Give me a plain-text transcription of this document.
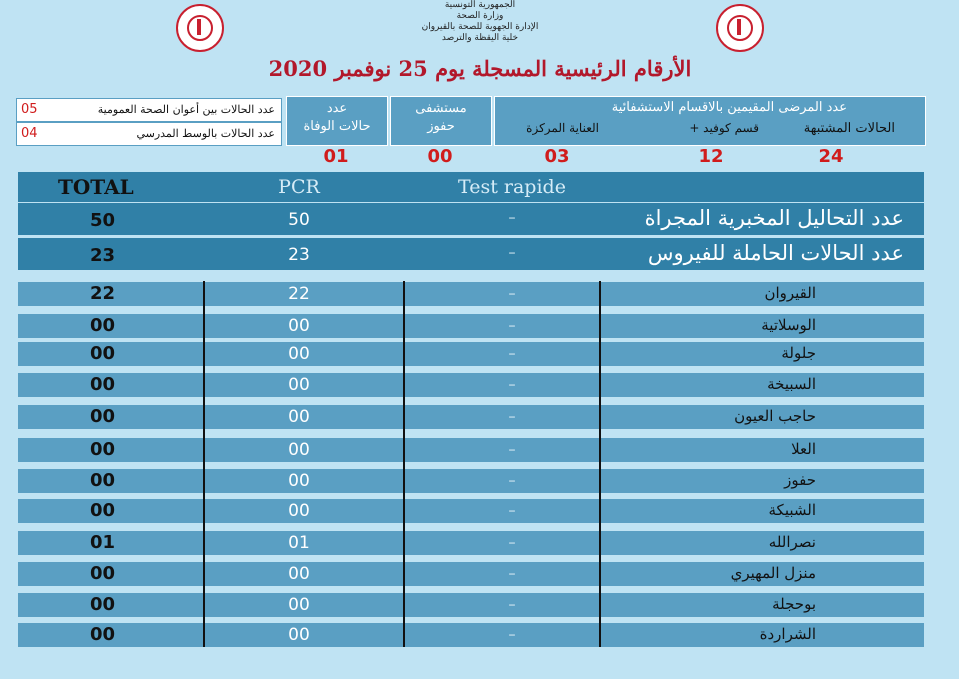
الجمهورية التونسية
وزارة الصحة
الإدارة الجهوية للصحة بالقيروان
خلية اليقظة والترصد
الأرقام الرئيسية المسجلة يوم 25 نوفمبر 2020
05	عدد الحالات بين أعوان الصحة العمومية
04	عدد الحالات بالوسط المدرسي
عدد
حالات الوفاة
01
مستشفى
حفوز
00
عدد المرضى المقيمين بالاقسام الاستشفائية
الحالات المشتبهة
قسم كوفيد +
العناية المركزة
24
12
03
TOTAL	PCR	Test rapide
50	50	–	عدد التحاليل المخبرية المجراة
23	23	–	عدد الحالات الحاملة للفيروس
22	22	–	القيروان
00	00	–	الوسلاتية
00	00	–	جلولة
00	00	–	السبيخة
00	00	–	حاجب العيون
00	00	–	العلا
00	00	–	حفوز
00	00	–	الشبيكة
01	01	–	نصرالله
00	00	–	منزل المهيري
00	00	–	بوحجلة
00	00	–	الشراردة
